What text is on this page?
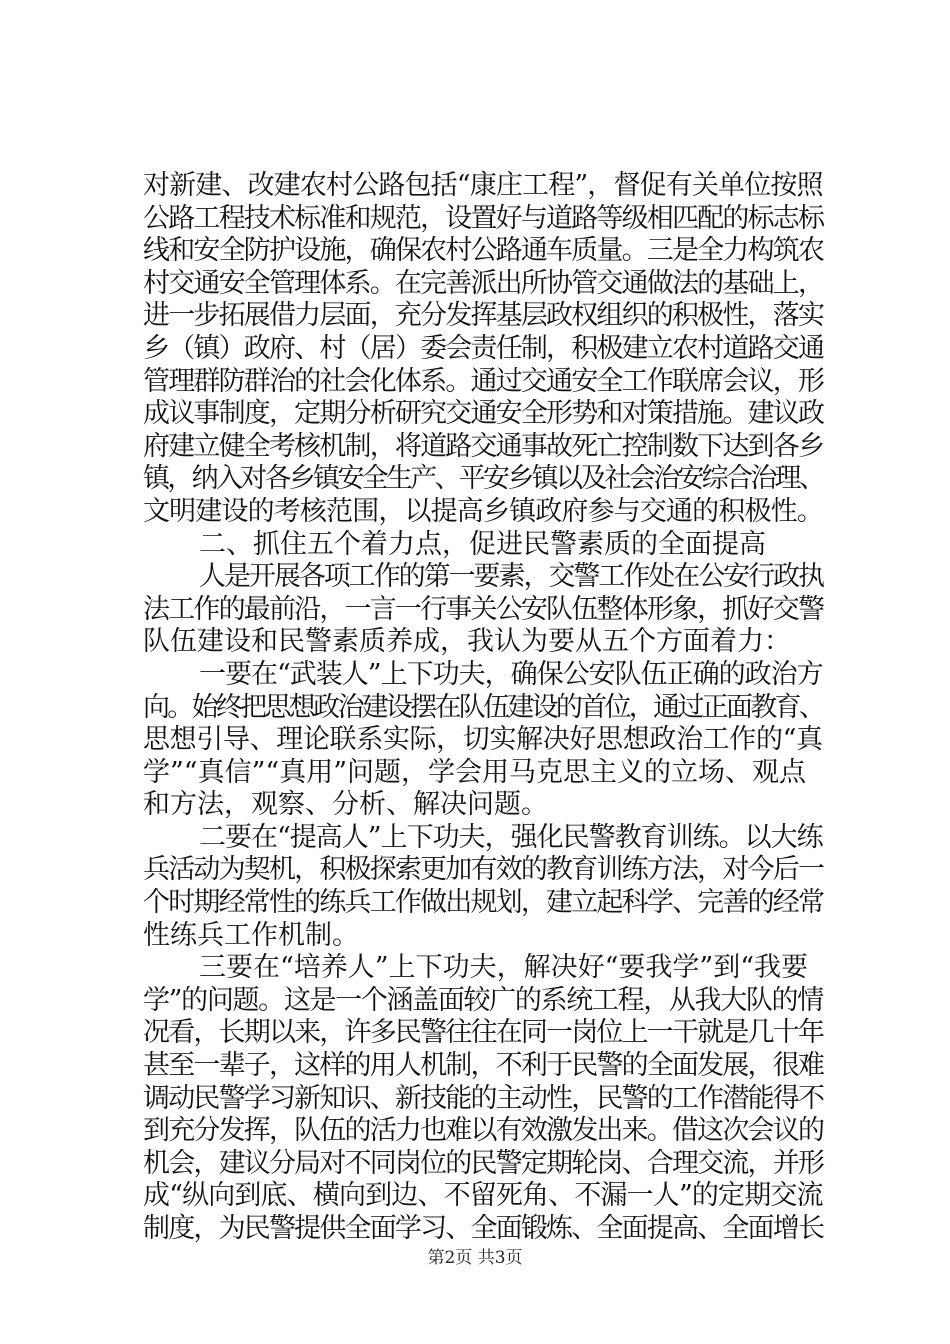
对新建、改建农村公路包括“康庄工程”，督促有关单位按照
公路工程技术标准和规范，设置好与道路等级相匹配的标志标
线和安全防护设施，确保农村公路通车质量。三是全力构筑农
村交通安全管理体系。在完善派出所协管交通做法的基础上，
进一步拓展借力层面，充分发挥基层政权组织的积极性，落实
乡（镇）政府、村（居）委会责任制，积极建立农村道路交通
管理群防群治的社会化体系。通过交通安全工作联席会议，形
成议事制度，定期分析研究交通安全形势和对策措施。建议政
府建立健全考核机制，将道路交通事故死亡控制数下达到各乡
镇，纳入对各乡镇安全生产、平安乡镇以及社会治安综合治理、
文明建设的考核范围，以提高乡镇政府参与交通的积极性。
二、抓住五个着力点，促进民警素质的全面提高
人是开展各项工作的第一要素，交警工作处在公安行政执
法工作的最前沿，一言一行事关公安队伍整体形象，抓好交警
队伍建设和民警素质养成，我认为要从五个方面着力：
一要在“武装人”上下功夫，确保公安队伍正确的政治方
向。始终把思想政治建设摆在队伍建设的首位，通过正面教育、
思想引导、理论联系实际，切实解决好思想政治工作的“真
学”“真信”“真用”问题，学会用马克思主义的立场、观点
和方法，观察、分析、解决问题。
二要在“提高人”上下功夫，强化民警教育训练。以大练
兵活动为契机，积极探索更加有效的教育训练方法，对今后一
个时期经常性的练兵工作做出规划，建立起科学、完善的经常
性练兵工作机制。
三要在“培养人”上下功夫，解决好“要我学”到“我要
学”的问题。这是一个涵盖面较广的系统工程，从我大队的情
况看，长期以来，许多民警往往在同一岗位上一干就是几十年
甚至一辈子，这样的用人机制，不利于民警的全面发展，很难
调动民警学习新知识、新技能的主动性，民警的工作潜能得不
到充分发挥，队伍的活力也难以有效激发出来。借这次会议的
机会，建议分局对不同岗位的民警定期轮岗、合理交流，并形
成“纵向到底、横向到边、不留死角、不漏一人”的定期交流
制度，为民警提供全面学习、全面锻炼、全面提高、全面增长
第2页 共3页
